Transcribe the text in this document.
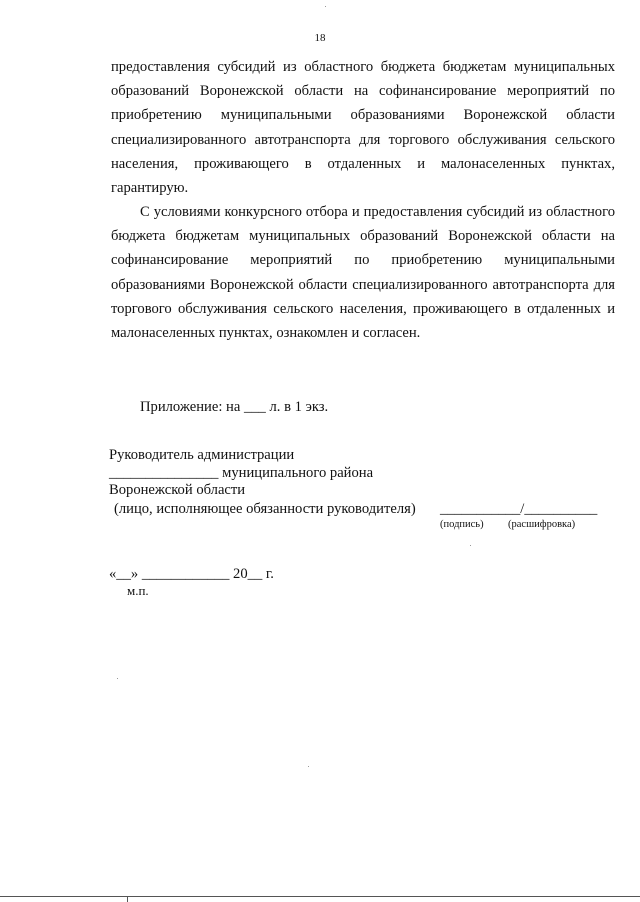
18
предоставления субсидий из областного бюджета бюджетам муниципальных образований Воронежской области на софинансирование мероприятий по приобретению муниципальными образованиями Воронежской области специализированного автотранспорта для торгового обслуживания сельского населения, проживающего в отдаленных и малонаселенных пунктах, гарантирую.
С условиями конкурсного отбора и предоставления субсидий из областного бюджета бюджетам муниципальных образований Воронежской области на софинансирование мероприятий по приобретению муниципальными образованиями Воронежской области специализированного автотранспорта для торгового обслуживания сельского населения, проживающего в отдаленных и малонаселенных пунктах, ознакомлен и согласен.
Приложение: на ___ л. в 1 экз.
Руководитель администрации
_______________ муниципального района
Воронежской области
(лицо, исполняющее обязанности руководителя) ___________/__________
(подпись) (расшифровка)
«__» ____________ 20__ г.
м.п.
